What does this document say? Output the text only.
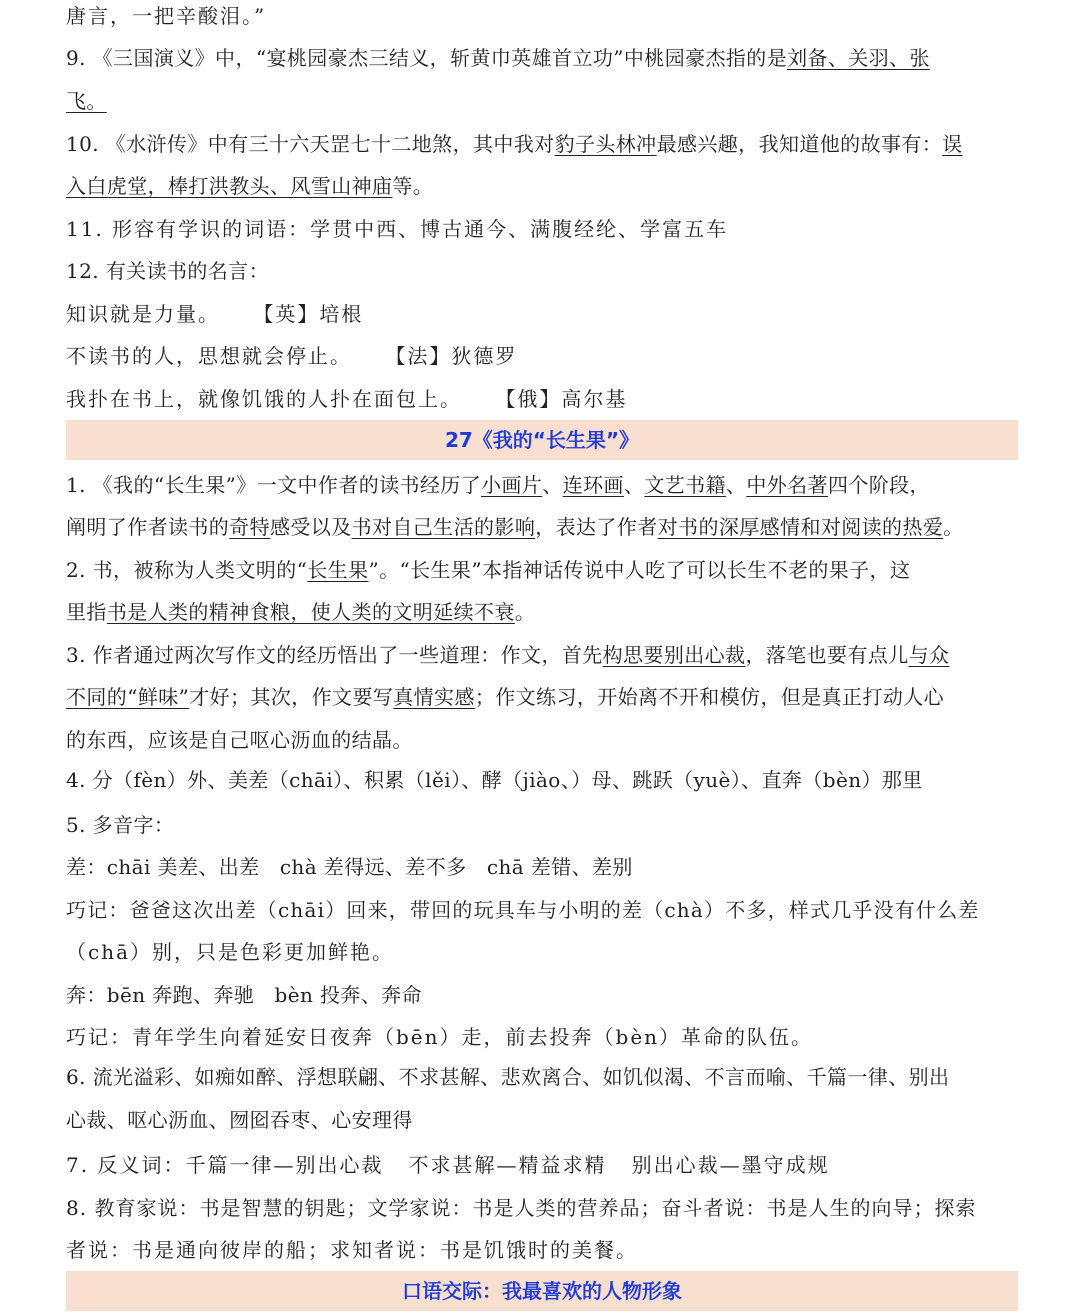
唐言，一把辛酸泪。”
9. 《三国演义》中，“宴桃园豪杰三结义，斩黄巾英雄首立功”中桃园豪杰指的是刘备、关羽、张
飞。
10. 《水浒传》中有三十六天罡七十二地煞，其中我对豹子头林冲最感兴趣，我知道他的故事有：误
入白虎堂，棒打洪教头、风雪山神庙等。
11. 形容有学识的词语：学贯中西、博古通今、满腹经纶、学富五车
12. 有关读书的名言：
知识就是力量。    【英】培根
不读书的人，思想就会停止。    【法】狄德罗
我扑在书上，就像饥饿的人扑在面包上。    【俄】高尔基
27《我的“长生果”》
1. 《我的“长生果”》一文中作者的读书经历了小画片、连环画、文艺书籍、中外名著四个阶段，
阐明了作者读书的奇特感受以及书对自己生活的影响，表达了作者对书的深厚感情和对阅读的热爱。
2. 书，被称为人类文明的“长生果”。“长生果”本指神话传说中人吃了可以长生不老的果子，这
里指书是人类的精神食粮，使人类的文明延续不衰。
3. 作者通过两次写作文的经历悟出了一些道理：作文，首先构思要别出心裁，落笔也要有点儿与众
不同的“鲜味”才好；其次，作文要写真情实感；作文练习，开始离不开和模仿，但是真正打动人心
的东西，应该是自己呕心沥血的结晶。
4. 分（fèn）外、美差（chāi）、积累（lěi）、酵（jiào、）母、跳跃（yuè）、直奔（bèn）那里
5. 多音字：
差：chāi 美差、出差   chà 差得远、差不多   chā 差错、差别
巧记：爸爸这次出差（chāi）回来，带回的玩具车与小明的差（chà）不多，样式几乎没有什么差
（chā）别，只是色彩更加鲜艳。
奔：bēn 奔跑、奔驰   bèn 投奔、奔命
巧记：青年学生向着延安日夜奔（bēn）走，前去投奔（bèn）革命的队伍。
6. 流光溢彩、如痴如醉、浮想联翩、不求甚解、悲欢离合、如饥似渴、不言而喻、千篇一律、别出
心裁、呕心沥血、囫囵吞枣、心安理得
7. 反义词：千篇一律—别出心裁   不求甚解—精益求精   别出心裁—墨守成规
8. 教育家说：书是智慧的钥匙；文学家说：书是人类的营养品；奋斗者说：书是人生的向导；探索
者说：书是通向彼岸的船；求知者说：书是饥饿时的美餐。
口语交际：我最喜欢的人物形象
